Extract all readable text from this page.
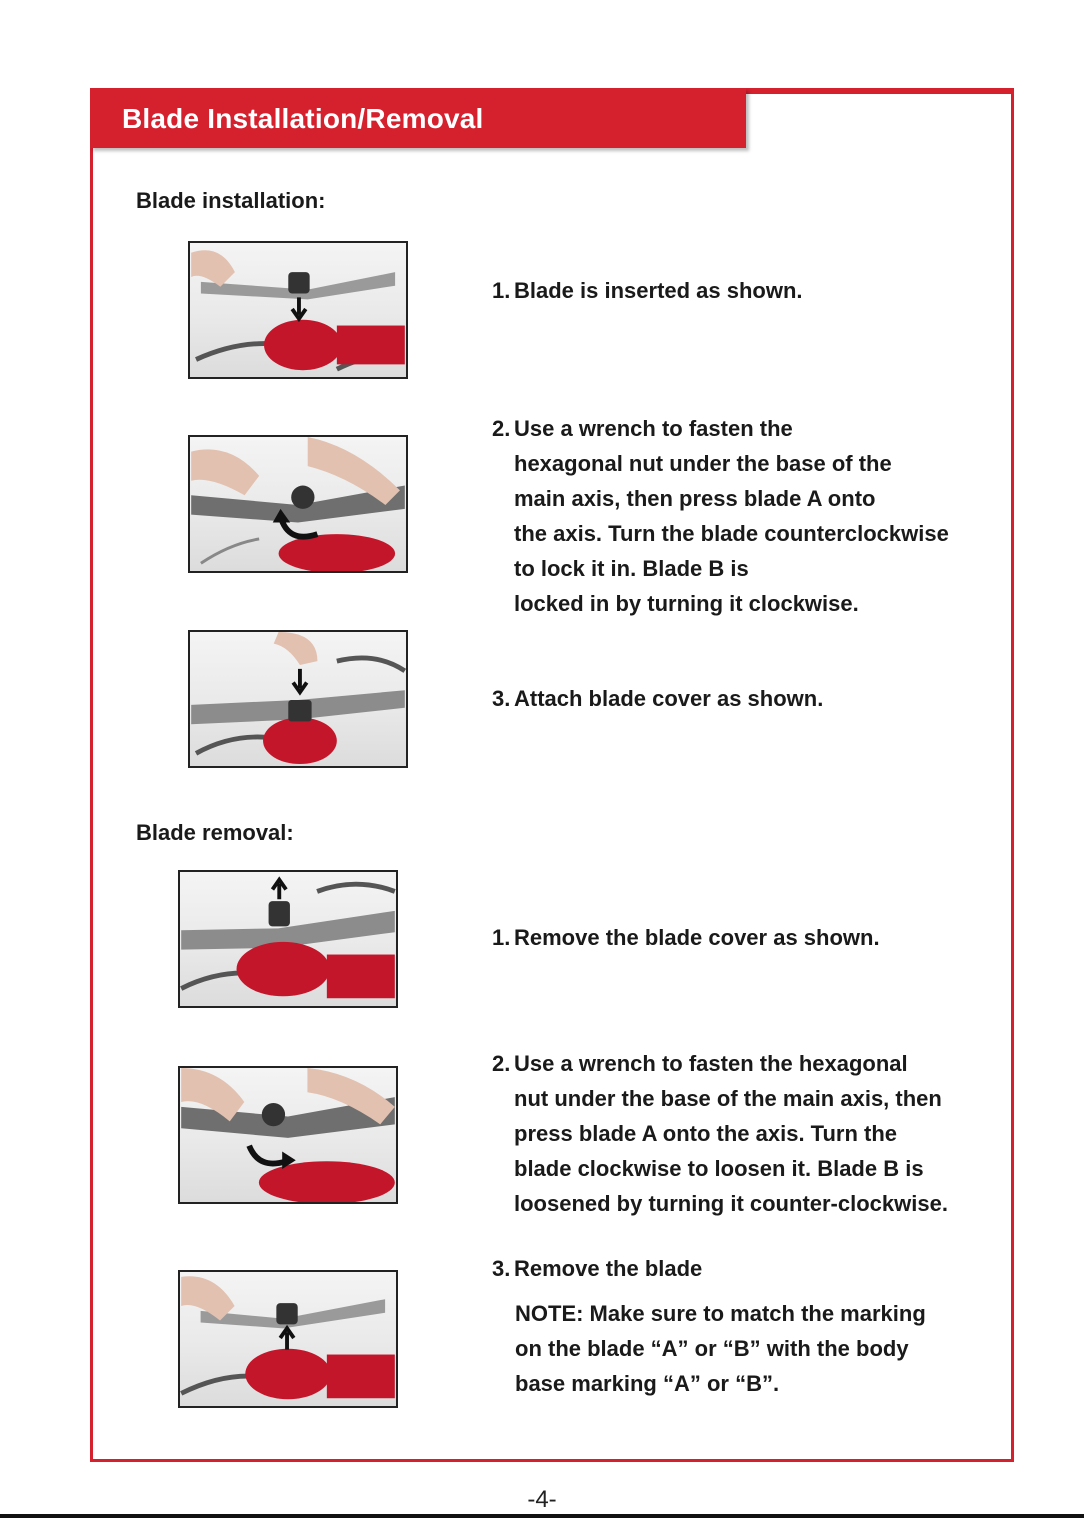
Blade Installation/Removal
Blade installation:

1. Blade is inserted as shown.

2. Use a wrench to fasten the
hexagonal nut under the base of the
main axis, then press blade A onto
the axis. Turn the blade counterclockwise
to lock it in. Blade B is
locked in by turning it clockwise.

3. Attach blade cover as shown.

Blade removal:

1. Remove the blade cover as shown.

2. Use a wrench to fasten the hexagonal
nut under the base of the main axis, then
press blade A onto the axis. Turn the
blade clockwise to loosen it. Blade B is
loosened by turning it counter-clockwise.

3. Remove the blade

NOTE: Make sure to match the marking
on the blade “A” or “B” with the body
base marking “A” or “B”.
-4-
